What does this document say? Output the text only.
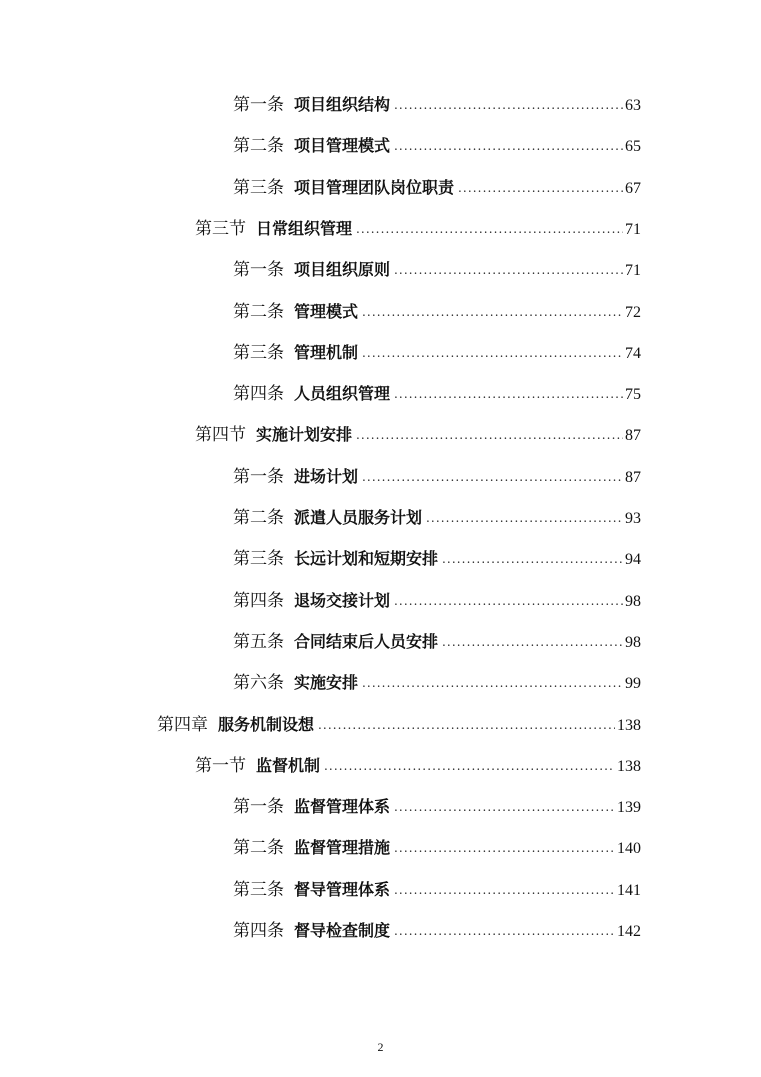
第一条 项目组织结构 .....	63
第二条 项目管理模式 .....	65
第三条 项目管理团队岗位职责 .....	67
第三节 日常组织管理 .....	71
第一条 项目组织原则 .....	71
第二条 管理模式 .....	72
第三条 管理机制 .....	74
第四条 人员组织管理 .....	75
第四节 实施计划安排 .....	87
第一条 进场计划 .....	87
第二条 派遣人员服务计划 .....	93
第三条 长远计划和短期安排 .....	94
第四条 退场交接计划 .....	98
第五条 合同结束后人员安排 .....	98
第六条 实施安排 .....	99
第四章 服务机制设想 .....	138
第一节 监督机制 .....	138
第一条 监督管理体系 .....	139
第二条 监督管理措施 .....	140
第三条 督导管理体系 .....	141
第四条 督导检查制度 .....	142
2
